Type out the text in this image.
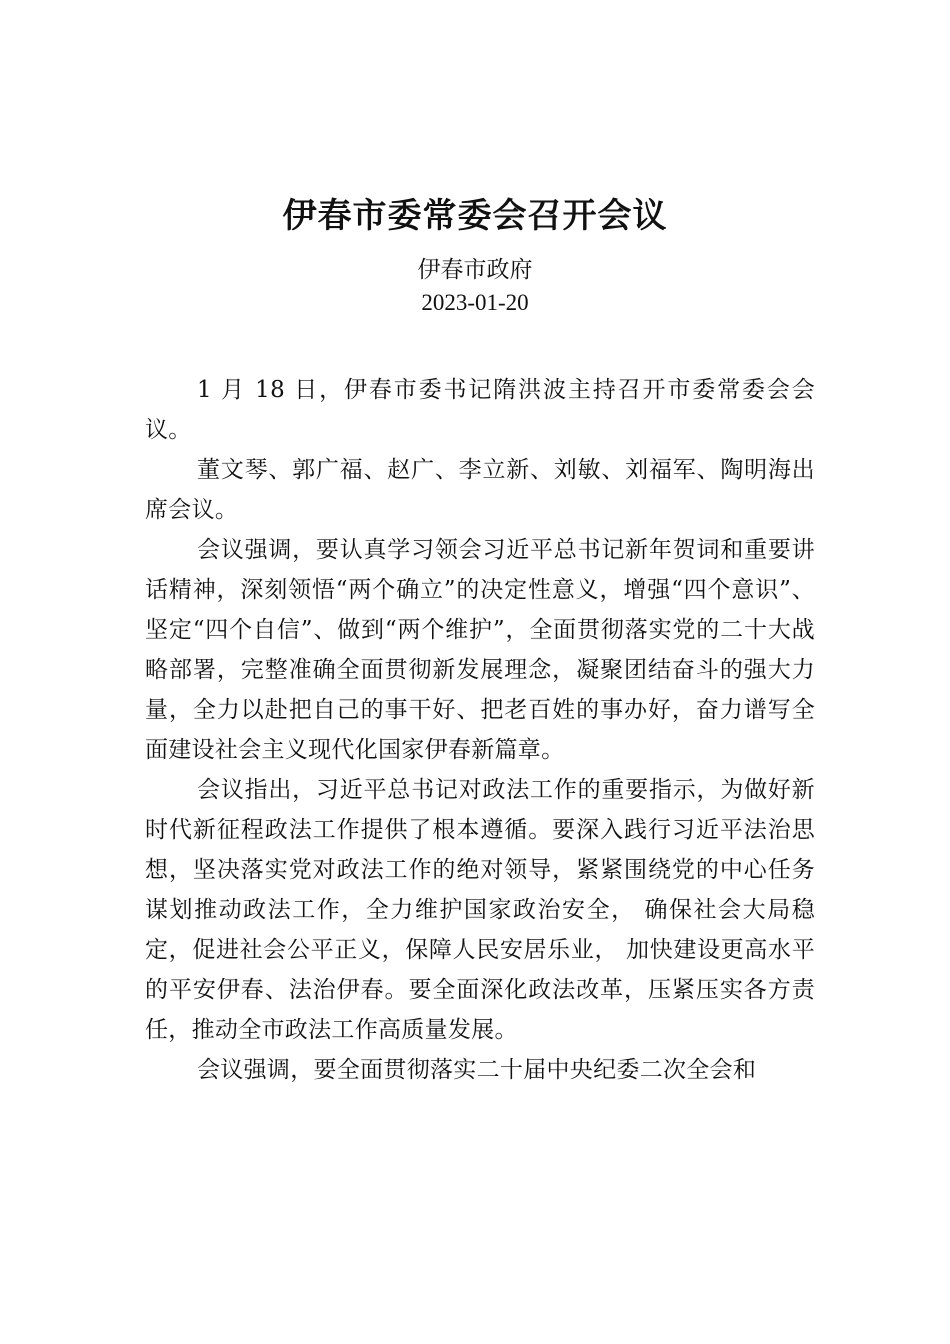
伊春市委常委会召开会议
伊春市政府
2023-01-20

1 月 18 日，伊春市委书记隋洪波主持召开市委常委会会议。

董文琴、郭广福、赵广、李立新、刘敏、刘福军、陶明海出席会议。

会议强调，要认真学习领会习近平总书记新年贺词和重要讲话精神，深刻领悟“两个确立”的决定性意义，增强“四个意识”、坚定“四个自信”、做到“两个维护”，全面贯彻落实党的二十大战略部署，完整准确全面贯彻新发展理念，凝聚团结奋斗的强大力量，全力以赴把自己的事干好、把老百姓的事办好，奋力谱写全面建设社会主义现代化国家伊春新篇章。

会议指出，习近平总书记对政法工作的重要指示，为做好新时代新征程政法工作提供了根本遵循。要深入践行习近平法治思想，坚决落实党对政法工作的绝对领导，紧紧围绕党的中心任务谋划推动政法工作，全力维护国家政治安全， 确保社会大局稳定，促进社会公平正义，保障人民安居乐业， 加快建设更高水平的平安伊春、法治伊春。要全面深化政法改革，压紧压实各方责任，推动全市政法工作高质量发展。

会议强调，要全面贯彻落实二十届中央纪委二次全会和
